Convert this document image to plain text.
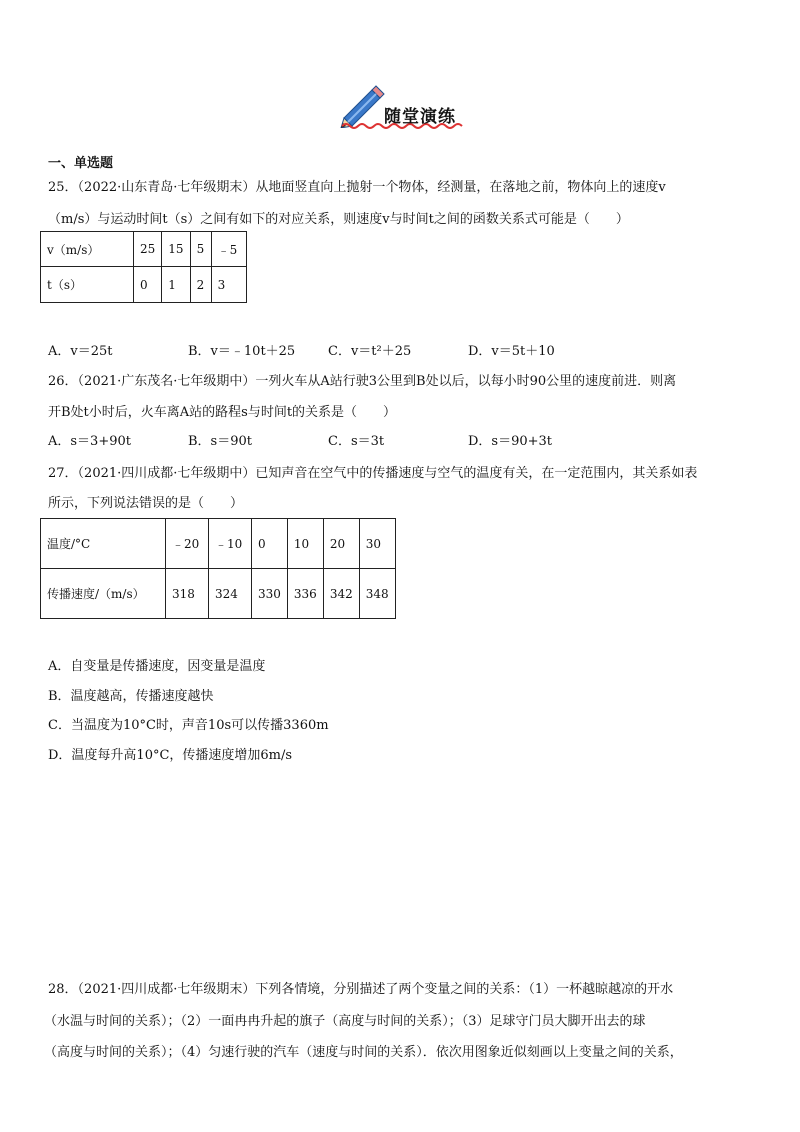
随堂演练
一、单选题
25．（2022·山东青岛·七年级期末）从地面竖直向上抛射一个物体，经测量，在落地之前，物体向上的速度v
（m/s）与运动时间t（s）之间有如下的对应关系，则速度v与时间t之间的函数关系式可能是（　　）
v（m/s）	25	15	5	﹣5
t（s）	0	1	2	3
A．v＝25t	B．v＝﹣10t＋25	C．v＝t²＋25	D．v＝5t＋10
26．（2021·广东茂名·七年级期中）一列火车从A站行驶3公里到B处以后，以每小时90公里的速度前进．则离
开B处t小时后，火车离A站的路程s与时间t的关系是（　　）
A．s＝3+90t	B．s＝90t	C．s＝3t	D．s＝90+3t
27．（2021·四川成都·七年级期中）已知声音在空气中的传播速度与空气的温度有关，在一定范围内，其关系如表
所示，下列说法错误的是（　　）
温度/°C	﹣20	﹣10	0	10	20	30
传播速度/（m/s）	318	324	330	336	342	348
A．自变量是传播速度，因变量是温度
B．温度越高，传播速度越快
C．当温度为10°C时，声音10s可以传播3360m
D．温度每升高10°C，传播速度增加6m/s
28．（2021·四川成都·七年级期末）下列各情境，分别描述了两个变量之间的关系：（1）一杯越晾越凉的开水
（水温与时间的关系）；（2）一面冉冉升起的旗子（高度与时间的关系）；（3）足球守门员大脚开出去的球
（高度与时间的关系）；（4）匀速行驶的汽车（速度与时间的关系）．依次用图象近似刻画以上变量之间的关系，
